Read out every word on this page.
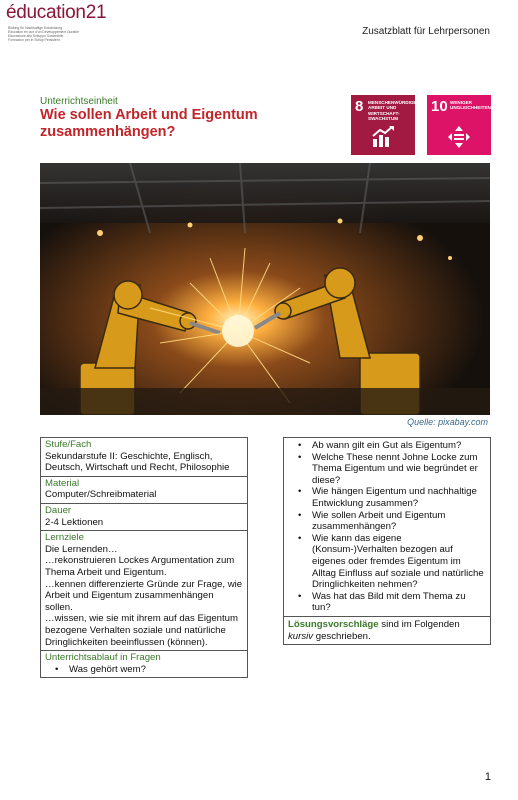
éducation21
Bildung für Nachhaltige Entwicklung
Éducation en vue d'un Développement Durable
Educazione allo Sviluppo Sostenibile
Formaziun per in Svilup Persistent
Zusatzblatt für Lehrpersonen
Unterrichtseinheit
Wie sollen Arbeit und Eigentum zusammenhängen?
8 MENSCHENWÜRDIGE ARBEIT UND WIRTSCHAFT-SWACHSTUM
10 WENIGER UNGLEICHHEITEN
Quelle: pixabay.com
Stufe/Fach
Sekundarstufe II: Geschichte, Englisch, Deutsch, Wirtschaft und Recht, Philosophie
Material
Computer/Schreibmaterial
Dauer
2-4 Lektionen
Lernziele
Die Lernenden…
…rekonstruieren Lockes Argumentation zum Thema Arbeit und Eigentum.
…kennen differenzierte Gründe zur Frage, wie Arbeit und Eigentum zusammenhängen sollen.
…wissen, wie sie mit ihrem auf das Eigentum bezogene Verhalten soziale und natürliche Dringlichkeiten beeinflussen (können).
Unterrichtsablauf in Fragen
• Was gehört wem?
• Ab wann gilt ein Gut als Eigentum?
• Welche These nennt Johne Locke zum Thema Eigentum und wie begründet er diese?
• Wie hängen Eigentum und nachhaltige Entwicklung zusammen?
• Wie sollen Arbeit und Eigentum zusammenhängen?
• Wie kann das eigene (Konsum-)Verhalten bezogen auf eigenes oder fremdes Eigentum im Alltag Einfluss auf soziale und natürliche Dringlichkeiten nehmen?
• Was hat das Bild mit dem Thema zu tun?
Lösungsvorschläge sind im Folgenden
kursiv geschrieben.
1
